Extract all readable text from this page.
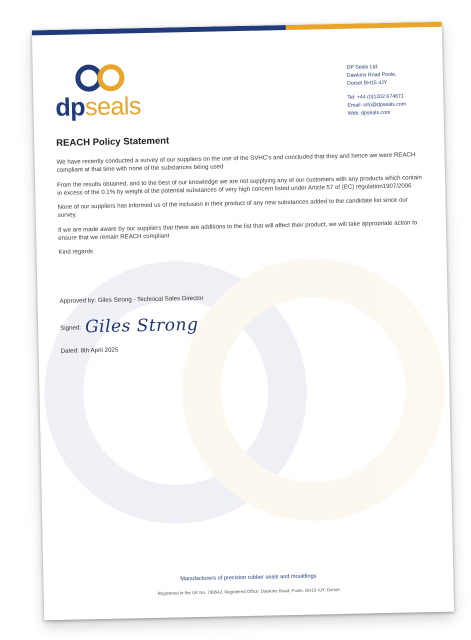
dpseals
DP Seals Ltd.
Dawkins Road Poole,
Dorset BH15 4JY
Tel: +44 (0)1202 674671
Email: info@dpseals.com
Web: dpseals.com
REACH Policy Statement

We have recently conducted a survey of our suppliers on the use of the SVHC's and concluded that they and hence we were REACH compliant at that time with none of the substances being used

From the results obtained, and to the best of our knowledge we are not supplying any of our customers with any products which contain in excess of the 0.1% by weight of the potential substances of very high concern listed under Article 57 of (EC) regulation1907/2006

None of our suppliers has informed us of the inclusion in their product of any new substances added to the candidate list since our survey.

If we are made aware by our suppliers that there are additions to the list that will affect their product, we will take appropriate action to ensure that we remain REACH compliant

Kind regards

Approved by: Giles Strong - Technical Sales Director
Signed: Giles Strong
Dated: 8th April 2025
Manufacturers of precision rubber seals and mouldings
Registered in the UK No. 799542. Registered Office: Dawkins Road, Poole, BH15 4JY. Dorset
